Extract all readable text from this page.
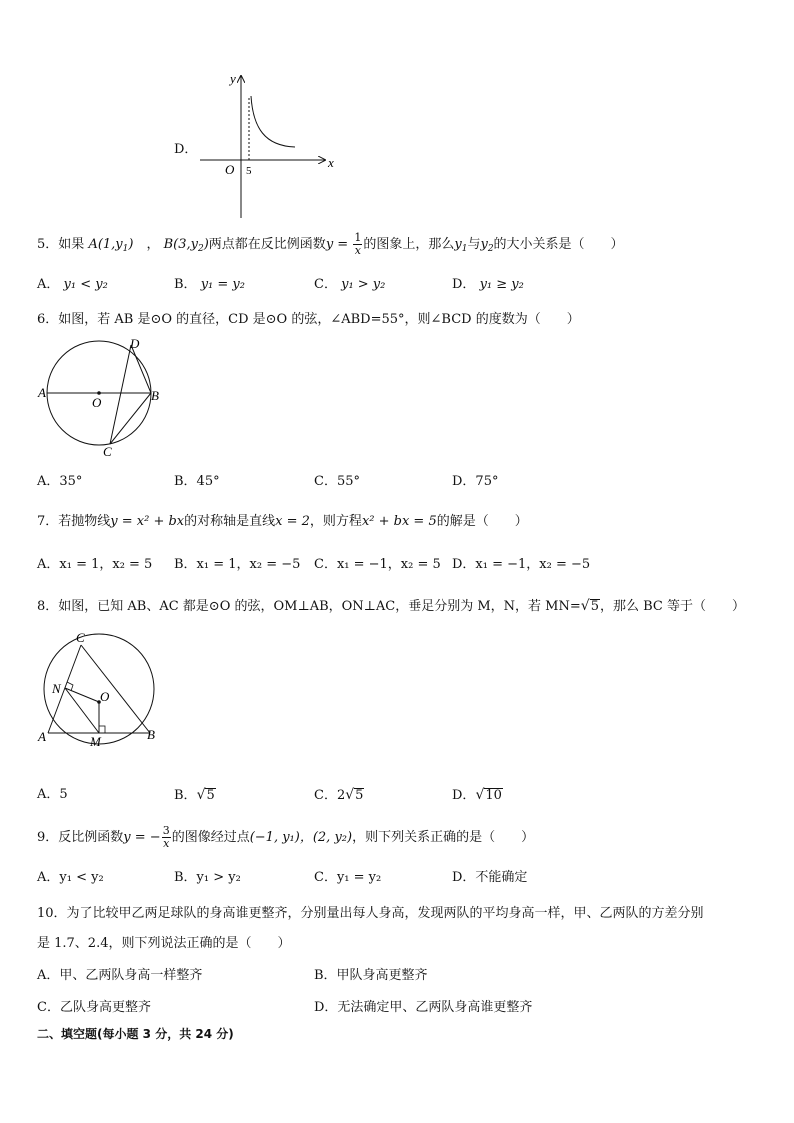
D．
y
x
O 5
5．如果 $A(1,y_1)$　， $B(3,y_2)$两点都在反比例函数$y = \frac{1}{x}$ 的图象上，那么$y_1$与$y_2$的大小关系是（　　）
A． y₁ < y₂	B． y₁ = y₂	C． y₁ > y₂	D． y₁ ≥ y₂
6．如图，若 AB 是⊙O 的直径，CD 是⊙O 的弦，∠ABD=55°，则∠BCD 的度数为（　　）
A	B
C
D
O
A．35°	B．45°	C．55°	D．75°
7．若抛物线y = x² + bx的对称轴是直线x = 2，则方程x² + bx = 5的解是（　　）
A．x₁ = 1，x₂ = 5 B．x₁ = 1，x₂ = −5 C．x₁ = −1，x₂ = 5 D．x₁ = −1，x₂ = −5
8．如图，已知 AB、AC 都是⊙O 的弦，OM⊥AB，ON⊥AC，垂足分别为 M，N，若 MN=√5，那么 BC 等于（　　）
A	B
C
M
N
O
A．5	B．√5	C．2√5	D．√10
9．反比例函数y = − $\frac{3}{x}$ 的图像经过点(−1, y₁)，(2, y₂)，则下列关系正确的是（　　）
A．y₁ < y₂	B．y₁ > y₂	C．y₁ = y₂	D．不能确定
10．为了比较甲乙两足球队的身高谁更整齐，分别量出每人身高，发现两队的平均身高一样，甲、乙两队的方差分别
是 1.7、2.4，则下列说法正确的是（　　）
A．甲、乙两队身高一样整齐	B．甲队身高更整齐
C．乙队身高更整齐	D．无法确定甲、乙两队身高谁更整齐
二、填空题(每小题 3 分，共 24 分)
